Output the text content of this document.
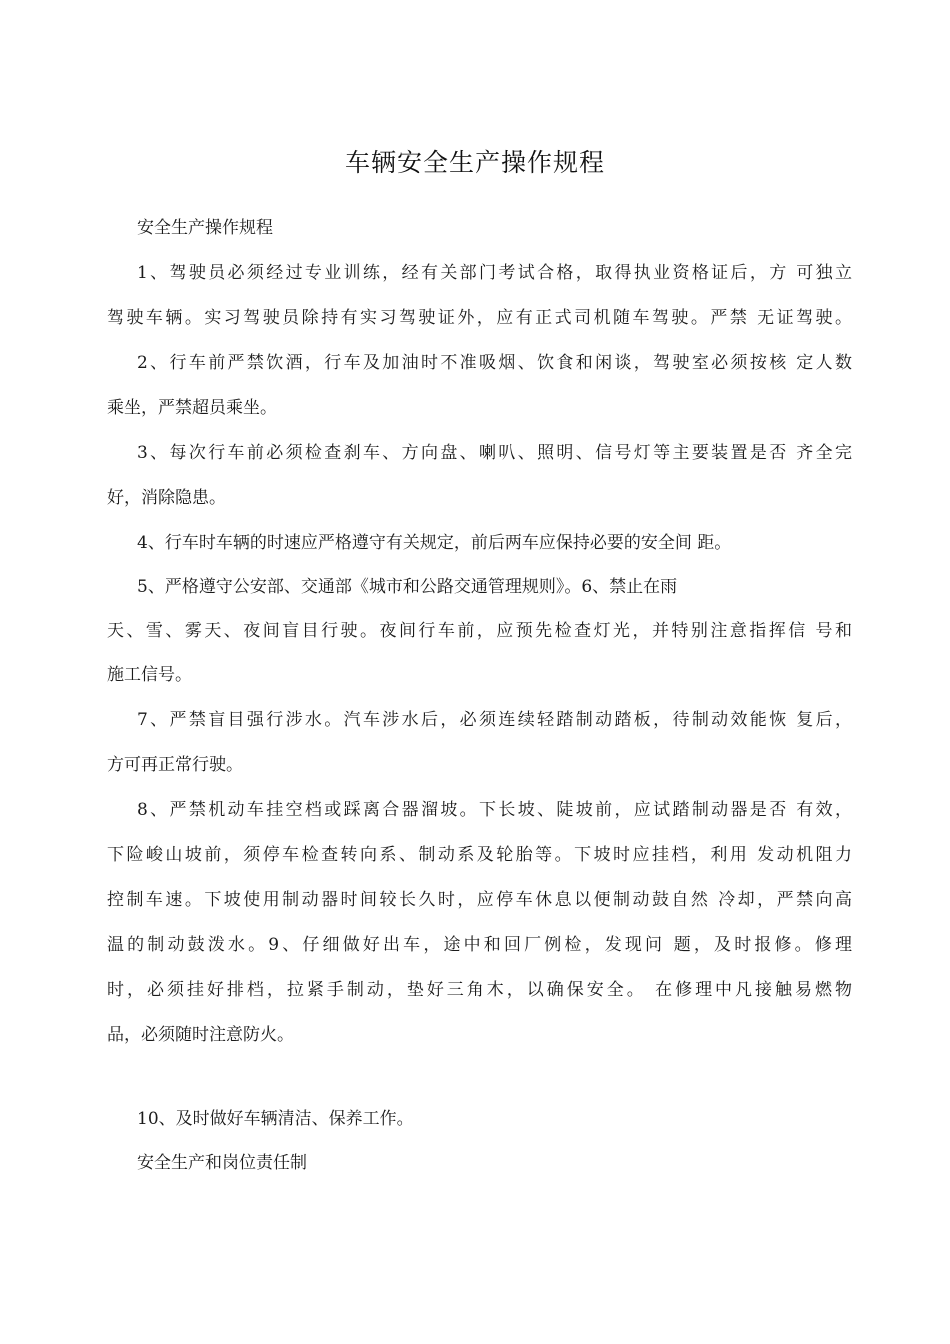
车辆安全生产操作规程
安全生产操作规程
1、驾驶员必须经过专业训练，经有关部门考试合格，取得执业资格证后，方 可独立
驾驶车辆。实习驾驶员除持有实习驾驶证外，应有正式司机随车驾驶。严禁 无证驾驶。
2、行车前严禁饮酒，行车及加油时不准吸烟、饮食和闲谈，驾驶室必须按核 定人数
乘坐，严禁超员乘坐。
3、每次行车前必须检查刹车、方向盘、喇叭、照明、信号灯等主要装置是否 齐全完
好，消除隐患。
4、行车时车辆的时速应严格遵守有关规定，前后两车应保持必要的安全间 距。
5、严格遵守公安部、交通部《城市和公路交通管理规则》。6、禁止在雨
天、雪、雾天、夜间盲目行驶。夜间行车前，应预先检查灯光，并特别注意指挥信 号和
施工信号。
7、严禁盲目强行涉水。汽车涉水后，必须连续轻踏制动踏板，待制动效能恢 复后，
方可再正常行驶。
8、严禁机动车挂空档或踩离合器溜坡。下长坡、陡坡前，应试踏制动器是否 有效，
下险峻山坡前，须停车检查转向系、制动系及轮胎等。下坡时应挂档，利用 发动机阻力
控制车速。下坡使用制动器时间较长久时，应停车休息以便制动鼓自然 冷却，严禁向高
温的制动鼓泼水。9、仔细做好出车，途中和回厂例检，发现问 题，及时报修。修理
时，必须挂好排档，拉紧手制动，垫好三角木，以确保安全。 在修理中凡接触易燃物
品，必须随时注意防火。
10、及时做好车辆清洁、保养工作。
安全生产和岗位责任制
